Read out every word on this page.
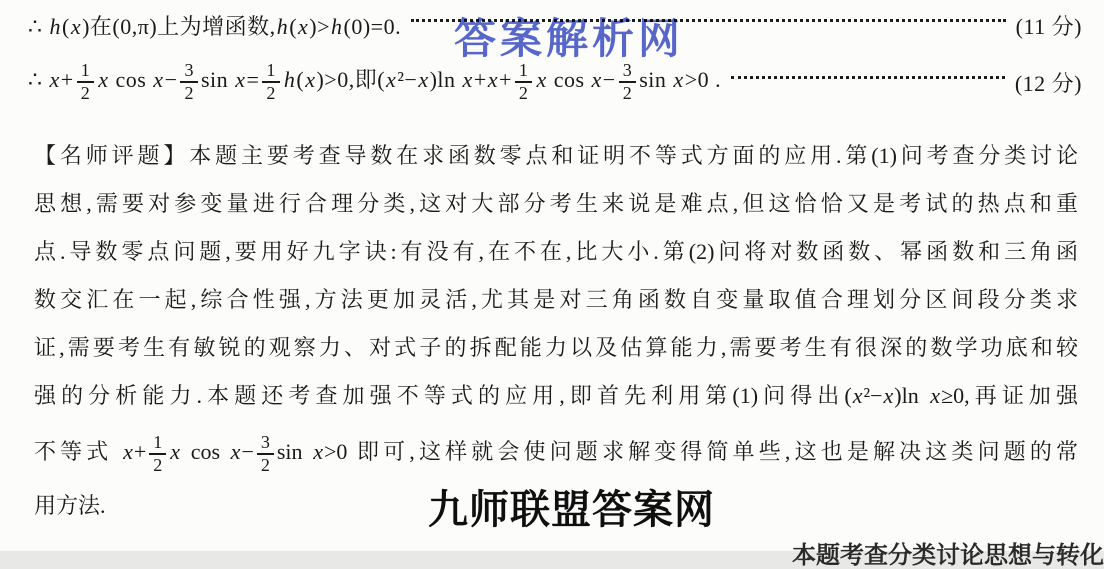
∴ h(x)在(0,π)上为增函数,h(x)>h(0)=0.	(11 分)
∴ $x+ \frac{1}{2}$ x $\cos x- \frac{3}{2}$ $\sin x= \frac{1}{2} h(x)>0$,即(x²−x)ln $x+x+ \frac{1}{2}$ x $\cos x- \frac{3}{2}$ sin x>0 .	(12 分)
【名师评题】本题主要考查导数在求函数零点和证明不等式方面的应用.第(1)问考查分类讨论
思想,需要对参变量进行合理分类,这对大部分考生来说是难点,但这恰恰又是考试的热点和重
点.导数零点问题,要用好九字诀:有没有,在不在,比大小.第(2)问将对数函数、幂函数和三角函
数交汇在一起,综合性强,方法更加灵活,尤其是对三角函数自变量取值合理划分区间段分类求
证,需要考生有敏锐的观察力、对式子的拆配能力以及估算能力,需要考生有很深的数学功底和较
强的分析能力.本题还考查加强不等式的应用,即首先利用第(1)问得出(x²−x)ln x≥0,再证加强
不等式 $x+ \frac{1}{2}$ x $\cos x- \frac{3}{2}$ sin x>0 即可,这样就会使问题求解变得简单些,这也是解决这类问题的常
用方法.
答案解析网
九师联盟答案网
本题考查分类讨论思想与转化
